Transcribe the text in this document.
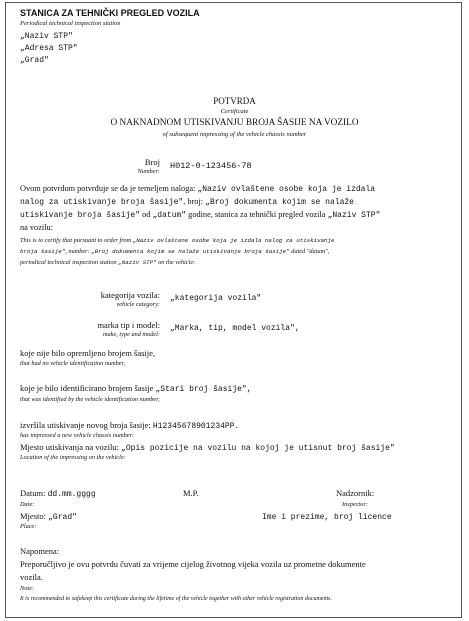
STANICA ZA TEHNIČKI PREGLED VOZILA
Periodical technical inspection station
„Naziv STP"
„Adresa STP"
„Grad"
POTVRDA
Certificate
O NAKNADNOM UTISKIVANJU BROJA ŠASIJE NA VOZILO
of subsequent impressing of the vehicle chassis number
Broj
Number:
H012-0-123456-78
Ovom potvrdom potvrđuje se da je temeljem naloga: „Naziv ovlaštene osobe koja je izdala
nalog za utiskivanje broja šasije", broj: „Broj dokumenta kojim se nalaže
utiskivanje broja šasije" od „datum" godine, stanica za tehnički pregled vozila „Naziv STP"
na vozilu:
This is to certify that pursuant to order from „Naziv ovlaštene osobe koja je izdala nalog za utiskivanje
broja šasije", number: „Broj dokumenta kojim se nalaže utiskivanje broja šasije" dated "datum",
periodical technical inspection station „Naziv STP" on the vehicle:
kategorija vozila:
vehicle category:
„kategorija vozila"
marka tip i model:
make, type and model:
„Marka, tip, model vozila",
koje nije bilo opremljeno brojem šasije,
that had no vehicle identification number,
koje je bilo identificirano brojem šasije „Stari broj šasije",
that was identified by the vehicle identification number,
izvršila utiskivanje novog broja šasije: H12345678901234PP.
has impressed a new vehicle chassis number:
Mjesto utiskivanja na vozilu: „Opis pozicije na vozilu na kojoj je utisnut broj šasije"
Location of the impressing on the vehicle:
Datum: dd.mm.gggg	M.P.	Nadzornik:
Date:	Inspector:
Mjesto: „Grad"	Ime i prezime, broj licence
Place:
Napomena:
Preporučljivo je ovu potvrdu čuvati za vrijeme cijelog životnog vijeka vozila uz prometne dokumente
vozila.
Note:
It is recommended to safekeep this certificate during the lifetime of the vehicle together with other vehicle registration documents.
